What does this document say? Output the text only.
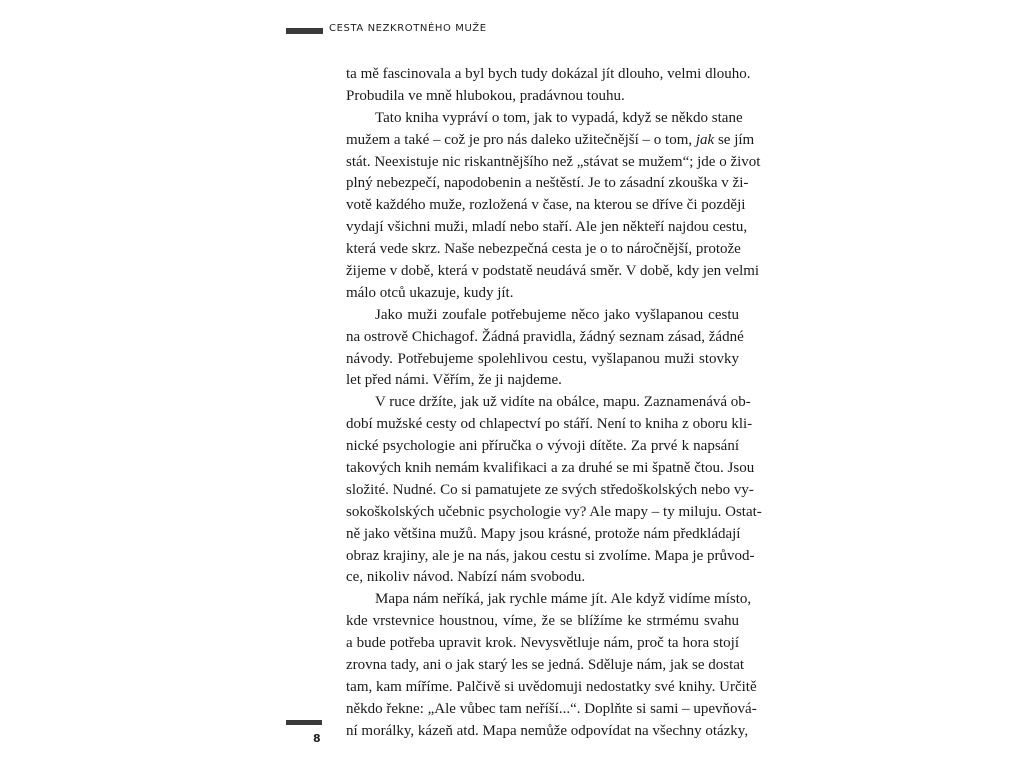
CESTA NEZKROTNÉHO MUŽE
ta mě fascinovala a byl bych tudy dokázal jít dlouho, velmi dlouho.
Probudila ve mně hlubokou, pradávnou touhu.
Tato kniha vypráví o tom, jak to vypadá, když se někdo stane
mužem a také – což je pro nás daleko užitečnější – o tom, jak se jím
stát. Neexistuje nic riskantnějšího než „stávat se mužem“; jde o život
plný nebezpečí, napodobenin a neštěstí. Je to zásadní zkouška v ži-
votě každého muže, rozložená v čase, na kterou se dříve či později
vydají všichni muži, mladí nebo staří. Ale jen někteří najdou cestu,
která vede skrz. Naše nebezpečná cesta je o to náročnější, protože
žijeme v době, která v podstatě neudává směr. V době, kdy jen velmi
málo otců ukazuje, kudy jít.
Jako muži zoufale potřebujeme něco jako vyšlapanou cestu
na ostrově Chichagof. Žádná pravidla, žádný seznam zásad, žádné
návody. Potřebujeme spolehlivou cestu, vyšlapanou muži stovky
let před námi. Věřím, že ji najdeme.
V ruce držíte, jak už vidíte na obálce, mapu. Zaznamenává ob-
dobí mužské cesty od chlapectví po stáří. Není to kniha z oboru kli-
nické psychologie ani příručka o vývoji dítěte. Za prvé k napsání
takových knih nemám kvalifikaci a za druhé se mi špatně čtou. Jsou
složité. Nudné. Co si pamatujete ze svých středoškolských nebo vy-
sokoškolských učebnic psychologie vy? Ale mapy – ty miluju. Ostat-
ně jako většina mužů. Mapy jsou krásné, protože nám předkládají
obraz krajiny, ale je na nás, jakou cestu si zvolíme. Mapa je průvod-
ce, nikoliv návod. Nabízí nám svobodu.
Mapa nám neříká, jak rychle máme jít. Ale když vidíme místo,
kde vrstevnice houstnou, víme, že se blížíme ke strmému svahu
a bude potřeba upravit krok. Nevysvětluje nám, proč ta hora stojí
zrovna tady, ani o jak starý les se jedná. Sděluje nám, jak se dostat
tam, kam míříme. Palčivě si uvědomuji nedostatky své knihy. Určitě
někdo řekne: „Ale vůbec tam neříší...“. Doplňte si sami – upevňová-
ní morálky, kázeň atd. Mapa nemůže odpovídat na všechny otázky,
8
